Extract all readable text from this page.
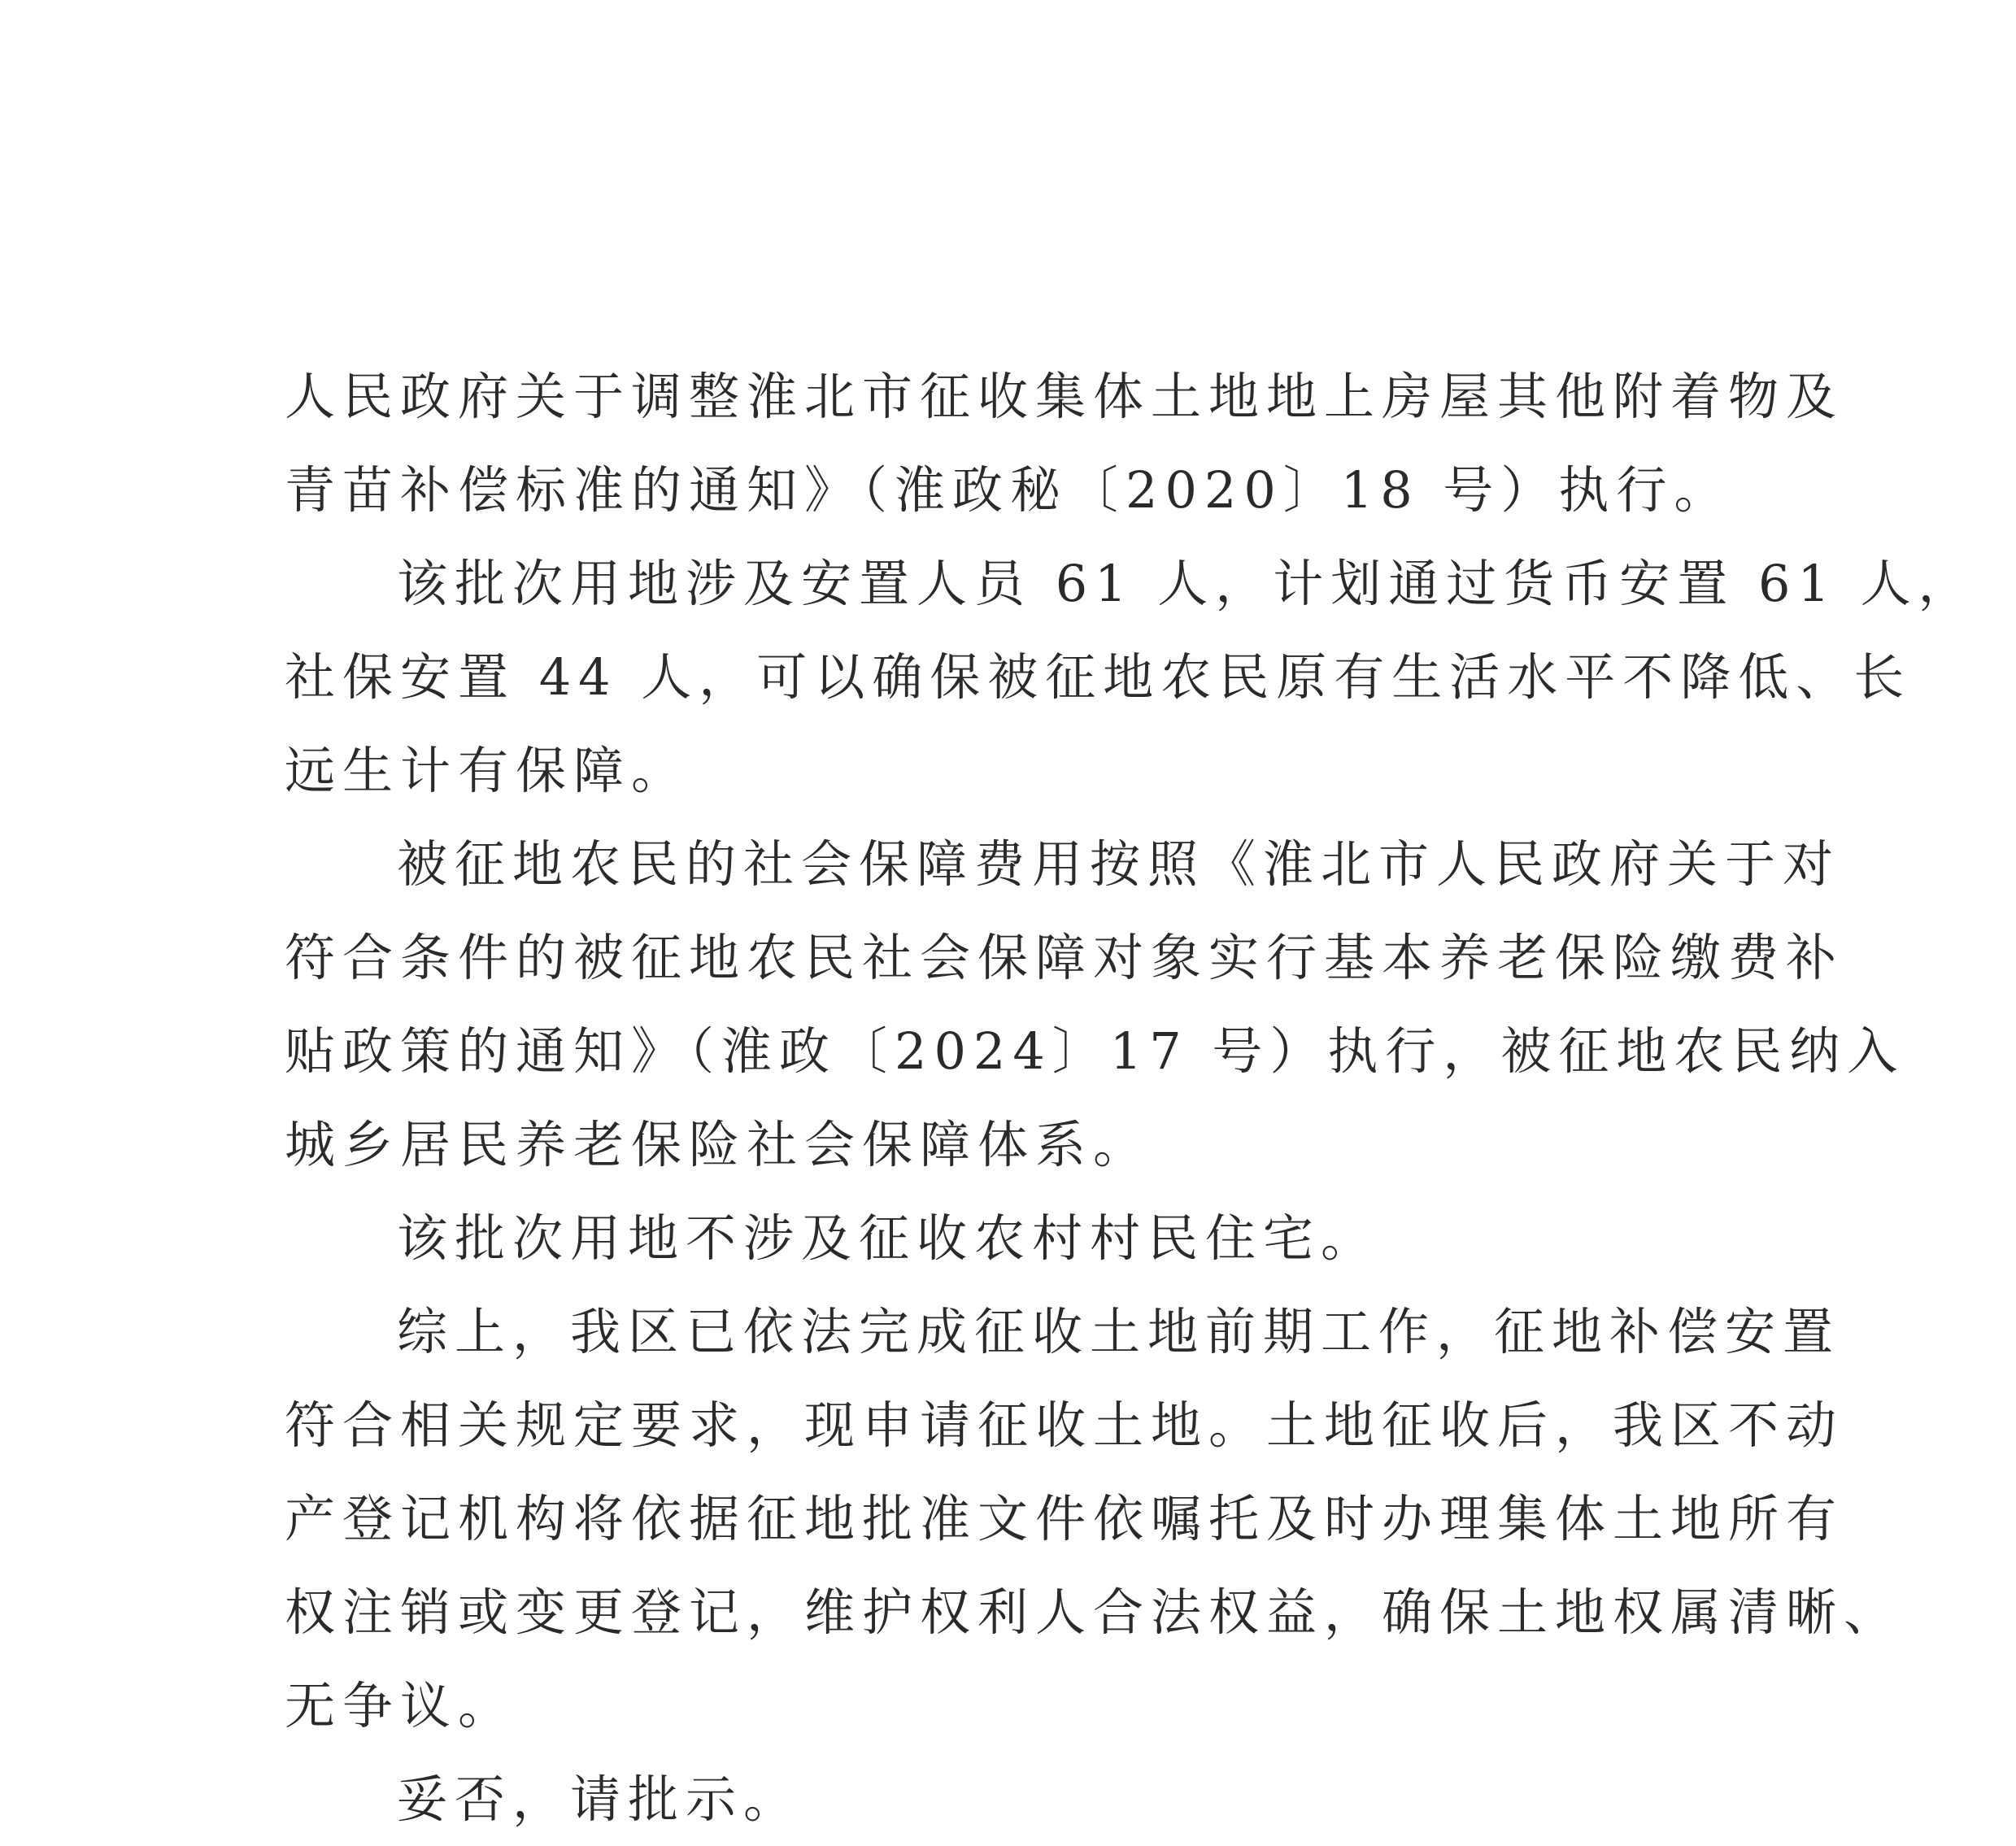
人民政府关于调整淮北市征收集体土地地上房屋其他附着物及
青苗补偿标准的通知》（淮政秘〔2020〕18 号）执行。
该批次用地涉及安置人员 61 人，计划通过货币安置 61 人，
社保安置 44 人，可以确保被征地农民原有生活水平不降低、长
远生计有保障。
被征地农民的社会保障费用按照《淮北市人民政府关于对
符合条件的被征地农民社会保障对象实行基本养老保险缴费补
贴政策的通知》（淮政〔2024〕17 号）执行，被征地农民纳入
城乡居民养老保险社会保障体系。
该批次用地不涉及征收农村村民住宅。
综上，我区已依法完成征收土地前期工作，征地补偿安置
符合相关规定要求，现申请征收土地。土地征收后，我区不动
产登记机构将依据征地批准文件依嘱托及时办理集体土地所有
权注销或变更登记，维护权利人合法权益，确保土地权属清晰、
无争议。
妥否，请批示。
